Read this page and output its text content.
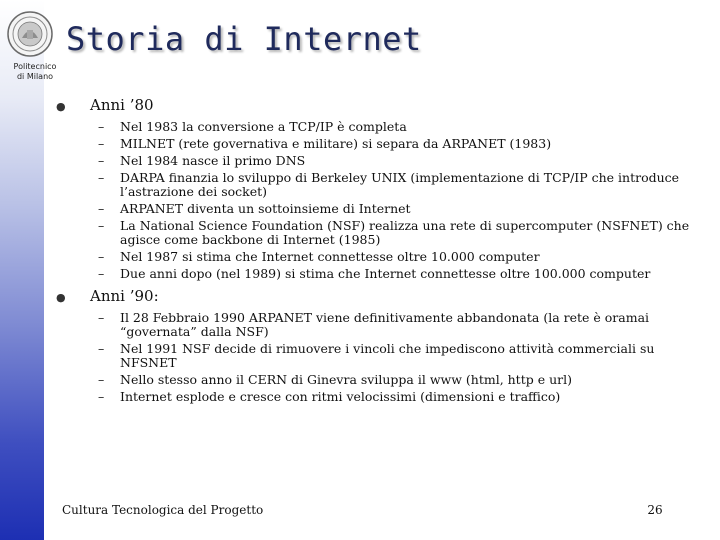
Politecnico
di Milano
Storia di Internet
● Anni ’80
– Nel 1983 la conversione a TCP/IP è completa
– MILNET (rete governativa e militare) si separa da ARPANET (1983)
– Nel 1984 nasce il primo DNS
– DARPA finanzia lo sviluppo di Berkeley UNIX (implementazione di TCP/IP che introduce l’astrazione dei socket)
– ARPANET diventa un sottoinsieme di Internet
– La National Science Foundation (NSF) realizza una rete di supercomputer (NSFNET) che agisce come backbone di Internet (1985)
– Nel 1987 si stima che Internet connettesse oltre 10.000 computer
– Due anni dopo (nel 1989) si stima che Internet connettesse oltre 100.000 computer
● Anni ’90:
– Il 28 Febbraio 1990 ARPANET viene definitivamente abbandonata (la rete è oramai “governata” dalla NSF)
– Nel 1991 NSF decide di rimuovere i vincoli che impediscono attività commerciali su NFSNET
– Nello stesso anno il CERN di Ginevra sviluppa il www (html, http e url)
– Internet esplode e cresce con ritmi velocissimi (dimensioni e traffico)
Cultura Tecnologica del Progetto	26
